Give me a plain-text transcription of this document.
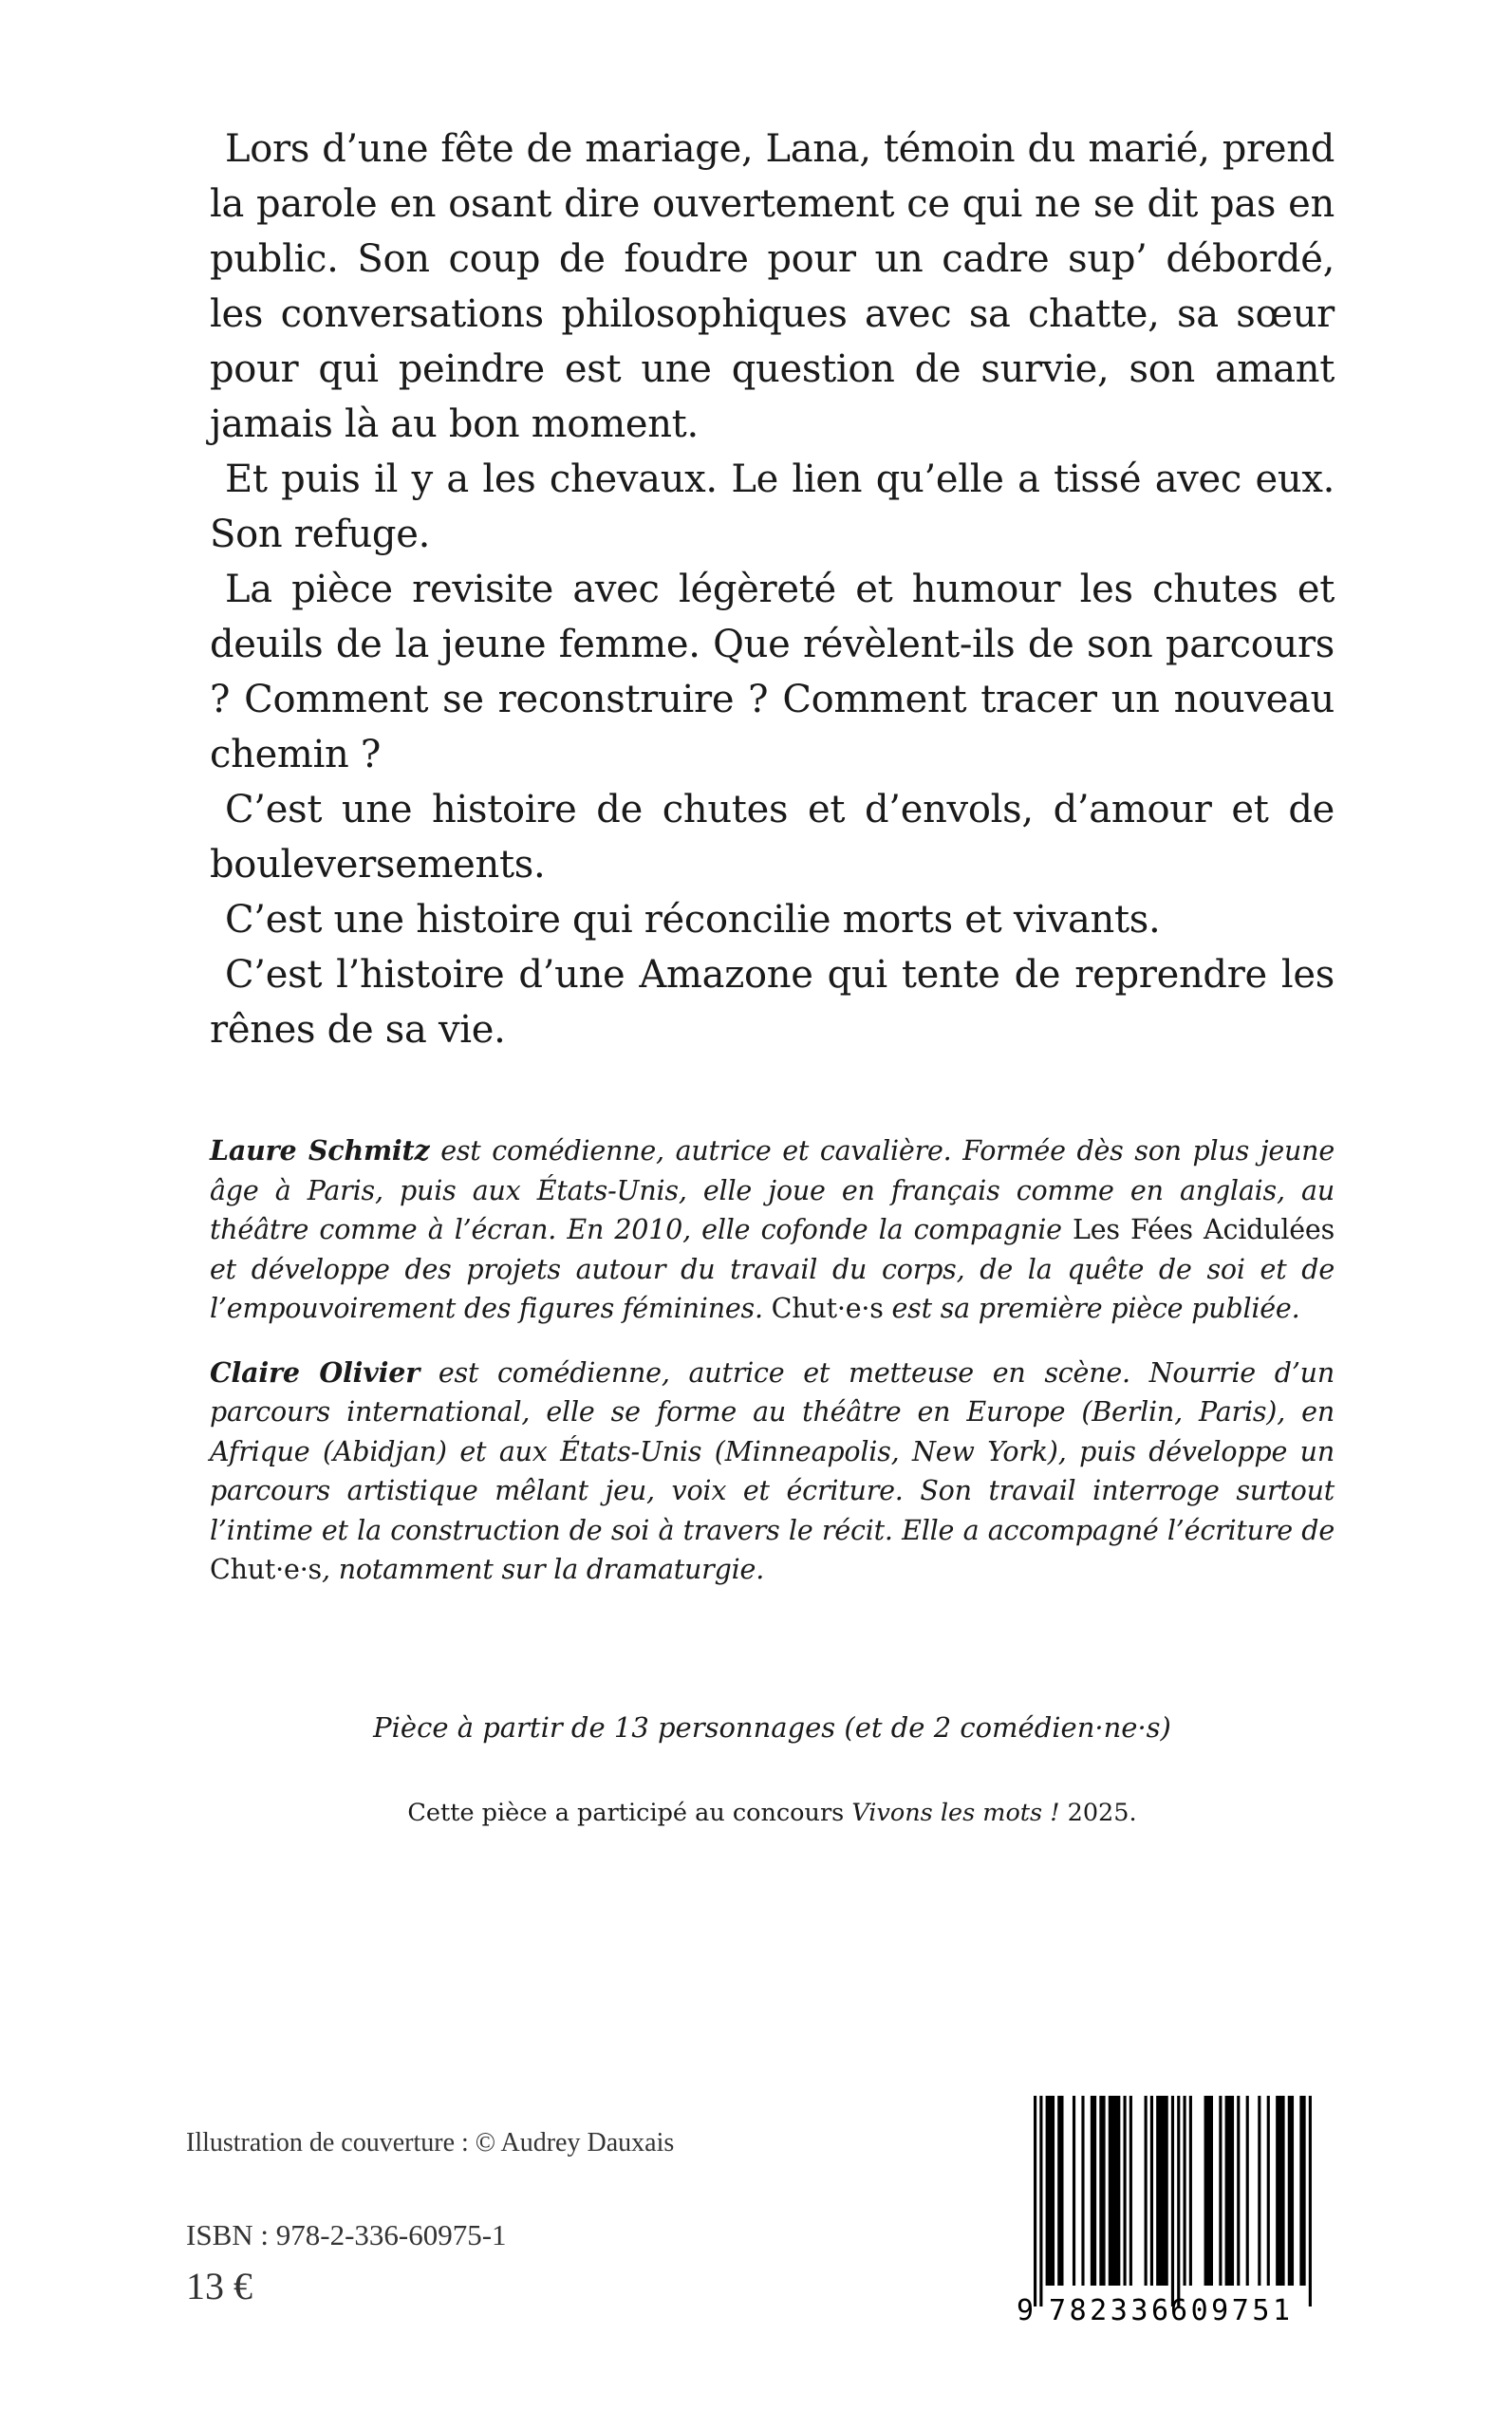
Lors d’une fête de mariage, Lana, témoin du marié, prend la parole en osant dire ouvertement ce qui ne se dit pas en public. Son coup de foudre pour un cadre sup’ débordé, les conversations philosophiques avec sa chatte, sa sœur pour qui peindre est une question de survie, son amant jamais là au bon moment.

Et puis il y a les chevaux. Le lien qu’elle a tissé avec eux. Son refuge.

La pièce revisite avec légèreté et humour les chutes et deuils de la jeune femme. Que révèlent-ils de son parcours ? Comment se reconstruire ? Comment tracer un nouveau chemin ?

C’est une histoire de chutes et d’envols, d’amour et de bouleversements.

C’est une histoire qui réconcilie morts et vivants.

C’est l’histoire d’une Amazone qui tente de reprendre les rênes de sa vie.

Laure Schmitz est comédienne, autrice et cavalière. Formée dès son plus jeune âge à Paris, puis aux États-Unis, elle joue en français comme en anglais, au théâtre comme à l’écran. En 2010, elle cofonde la compagnie Les Fées Acidulées et développe des projets autour du travail du corps, de la quête de soi et de l’empouvoirement des figures féminines. Chut·e·s est sa première pièce publiée.

Claire Olivier est comédienne, autrice et metteuse en scène. Nourrie d’un parcours international, elle se forme au théâtre en Europe (Berlin, Paris), en Afrique (Abidjan) et aux États-Unis (Minneapolis, New York), puis développe un parcours artistique mêlant jeu, voix et écriture. Son travail interroge surtout l’intime et la construction de soi à travers le récit. Elle a accompagné l’écriture de Chut·e·s, notamment sur la dramaturgie.

Pièce à partir de 13 personnages (et de 2 comédien·ne·s)
Cette pièce a participé au concours Vivons les mots ! 2025.
Illustration de couverture : © Audrey Dauxais
ISBN : 978-2-336-60975-1
13 €
9 782336 609751
